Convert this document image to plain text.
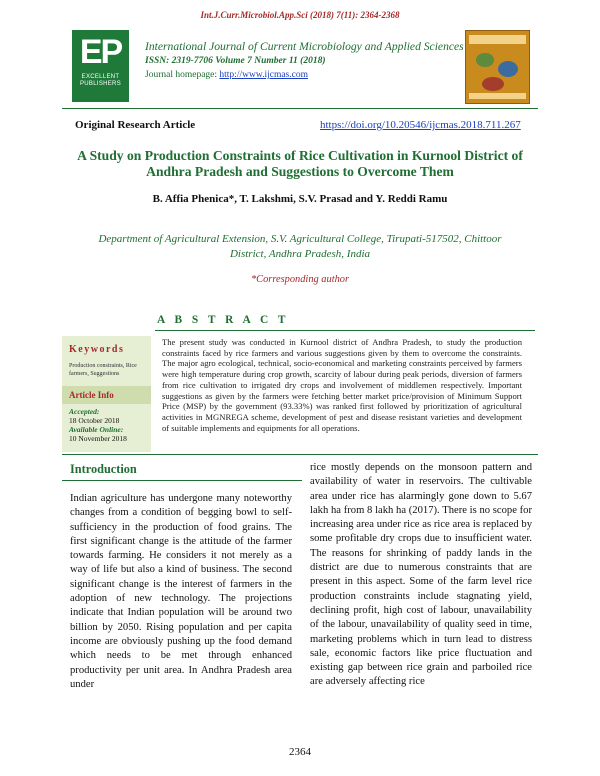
Int.J.Curr.Microbiol.App.Sci (2018) 7(11): 2364-2368
EP
EXCELLENT PUBLISHERS
International Journal of Current Microbiology and Applied Sciences
ISSN: 2319-7706 Volume 7 Number 11 (2018)
Journal homepage: http://www.ijcmas.com
Original Research Article	https://doi.org/10.20546/ijcmas.2018.711.267
A Study on Production Constraints of Rice Cultivation in Kurnool District of Andhra Pradesh and Suggestions to Overcome Them
B. Affia Phenica*, T. Lakshmi, S.V. Prasad and Y. Reddi Ramu
Department of Agricultural Extension, S.V. Agricultural College, Tirupati-517502, Chittoor District, Andhra Pradesh, India
*Corresponding author
A B S T R A C T
Keywords
Production constraints, Rice farmers, Suggestions
Article Info
Accepted:
18 October 2018
Available Online:
10 November 2018
The present study was conducted in Kurnool district of Andhra Pradesh, to study the production constraints faced by rice farmers and various suggestions given by them to overcome the constraints. The major agro ecological, technical, socio-economical and marketing constraints perceived by farmers were high temperature during crop growth, scarcity of labour during peak periods, diversion of farmers from rice cultivation to irrigated dry crops and involvement of middlemen respectively. Important suggestions as given by the farmers were fetching better market price/provision of Minimum Support Price (MSP) by the government (93.33%) was ranked first followed by prioritization of agricultural activities in MGNREGA scheme, development of pest and disease resistant varieties and development of suitable implements and equipments for all operations.
Introduction
Indian agriculture has undergone many noteworthy changes from a condition of begging bowl to self-sufficiency in the production of food grains. The first significant change is the attitude of the farmer towards farming. He considers it not merely as a way of life but also a kind of business. The second significant change is the interest of farmers in the adoption of new technology. The projections indicate that Indian population will be around two billion by 2050. Rising population and per capita income are obviously pushing up the food demand which needs to be met through enhanced productivity per unit area. In Andhra Pradesh area under
rice mostly depends on the monsoon pattern and availability of water in reservoirs. The cultivable area under rice has alarmingly gone down to 5.67 lakh ha from 8 lakh ha (2017). There is no scope for increasing area under rice as rice area is replaced by some profitable dry crops due to insufficient water. The reasons for shrinking of paddy lands in the district are due to numerous constraints that are present in this aspect. Some of the farm level rice production constraints include stagnating yield, declining profit, high cost of labour, unavailability of the labour, unavailability of quality seed in time, marketing problems which in turn lead to distress sale, economic factors like price fluctuation and existing gap between rice grain and parboiled rice are adversely affecting rice
2364
